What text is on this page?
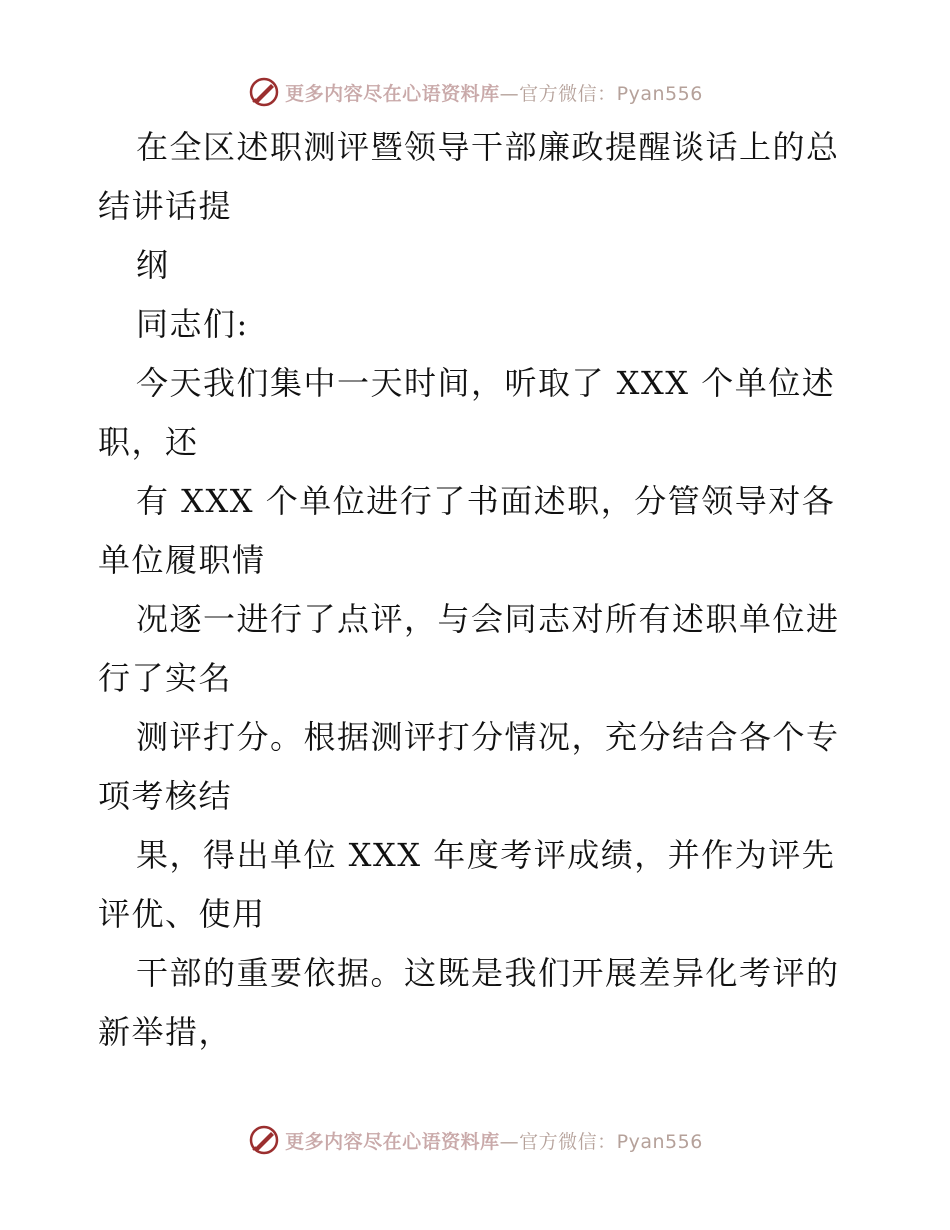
更多内容尽在心语资料库 —官方微信：Pyan556
在全区述职测评暨领导干部廉政提醒谈话上的总
结讲话提
纲
同志们:
今天我们集中一天时间，听取了 XXX 个单位述
职，还
有 XXX 个单位进行了书面述职，分管领导对各
单位履职情
况逐一进行了点评，与会同志对所有述职单位进
行了实名
测评打分。根据测评打分情况，充分结合各个专
项考核结
果，得出单位 XXX 年度考评成绩，并作为评先
评优、使用
干部的重要依据。这既是我们开展差异化考评的
新举措，
更多内容尽在心语资料库 —官方微信：Pyan556
